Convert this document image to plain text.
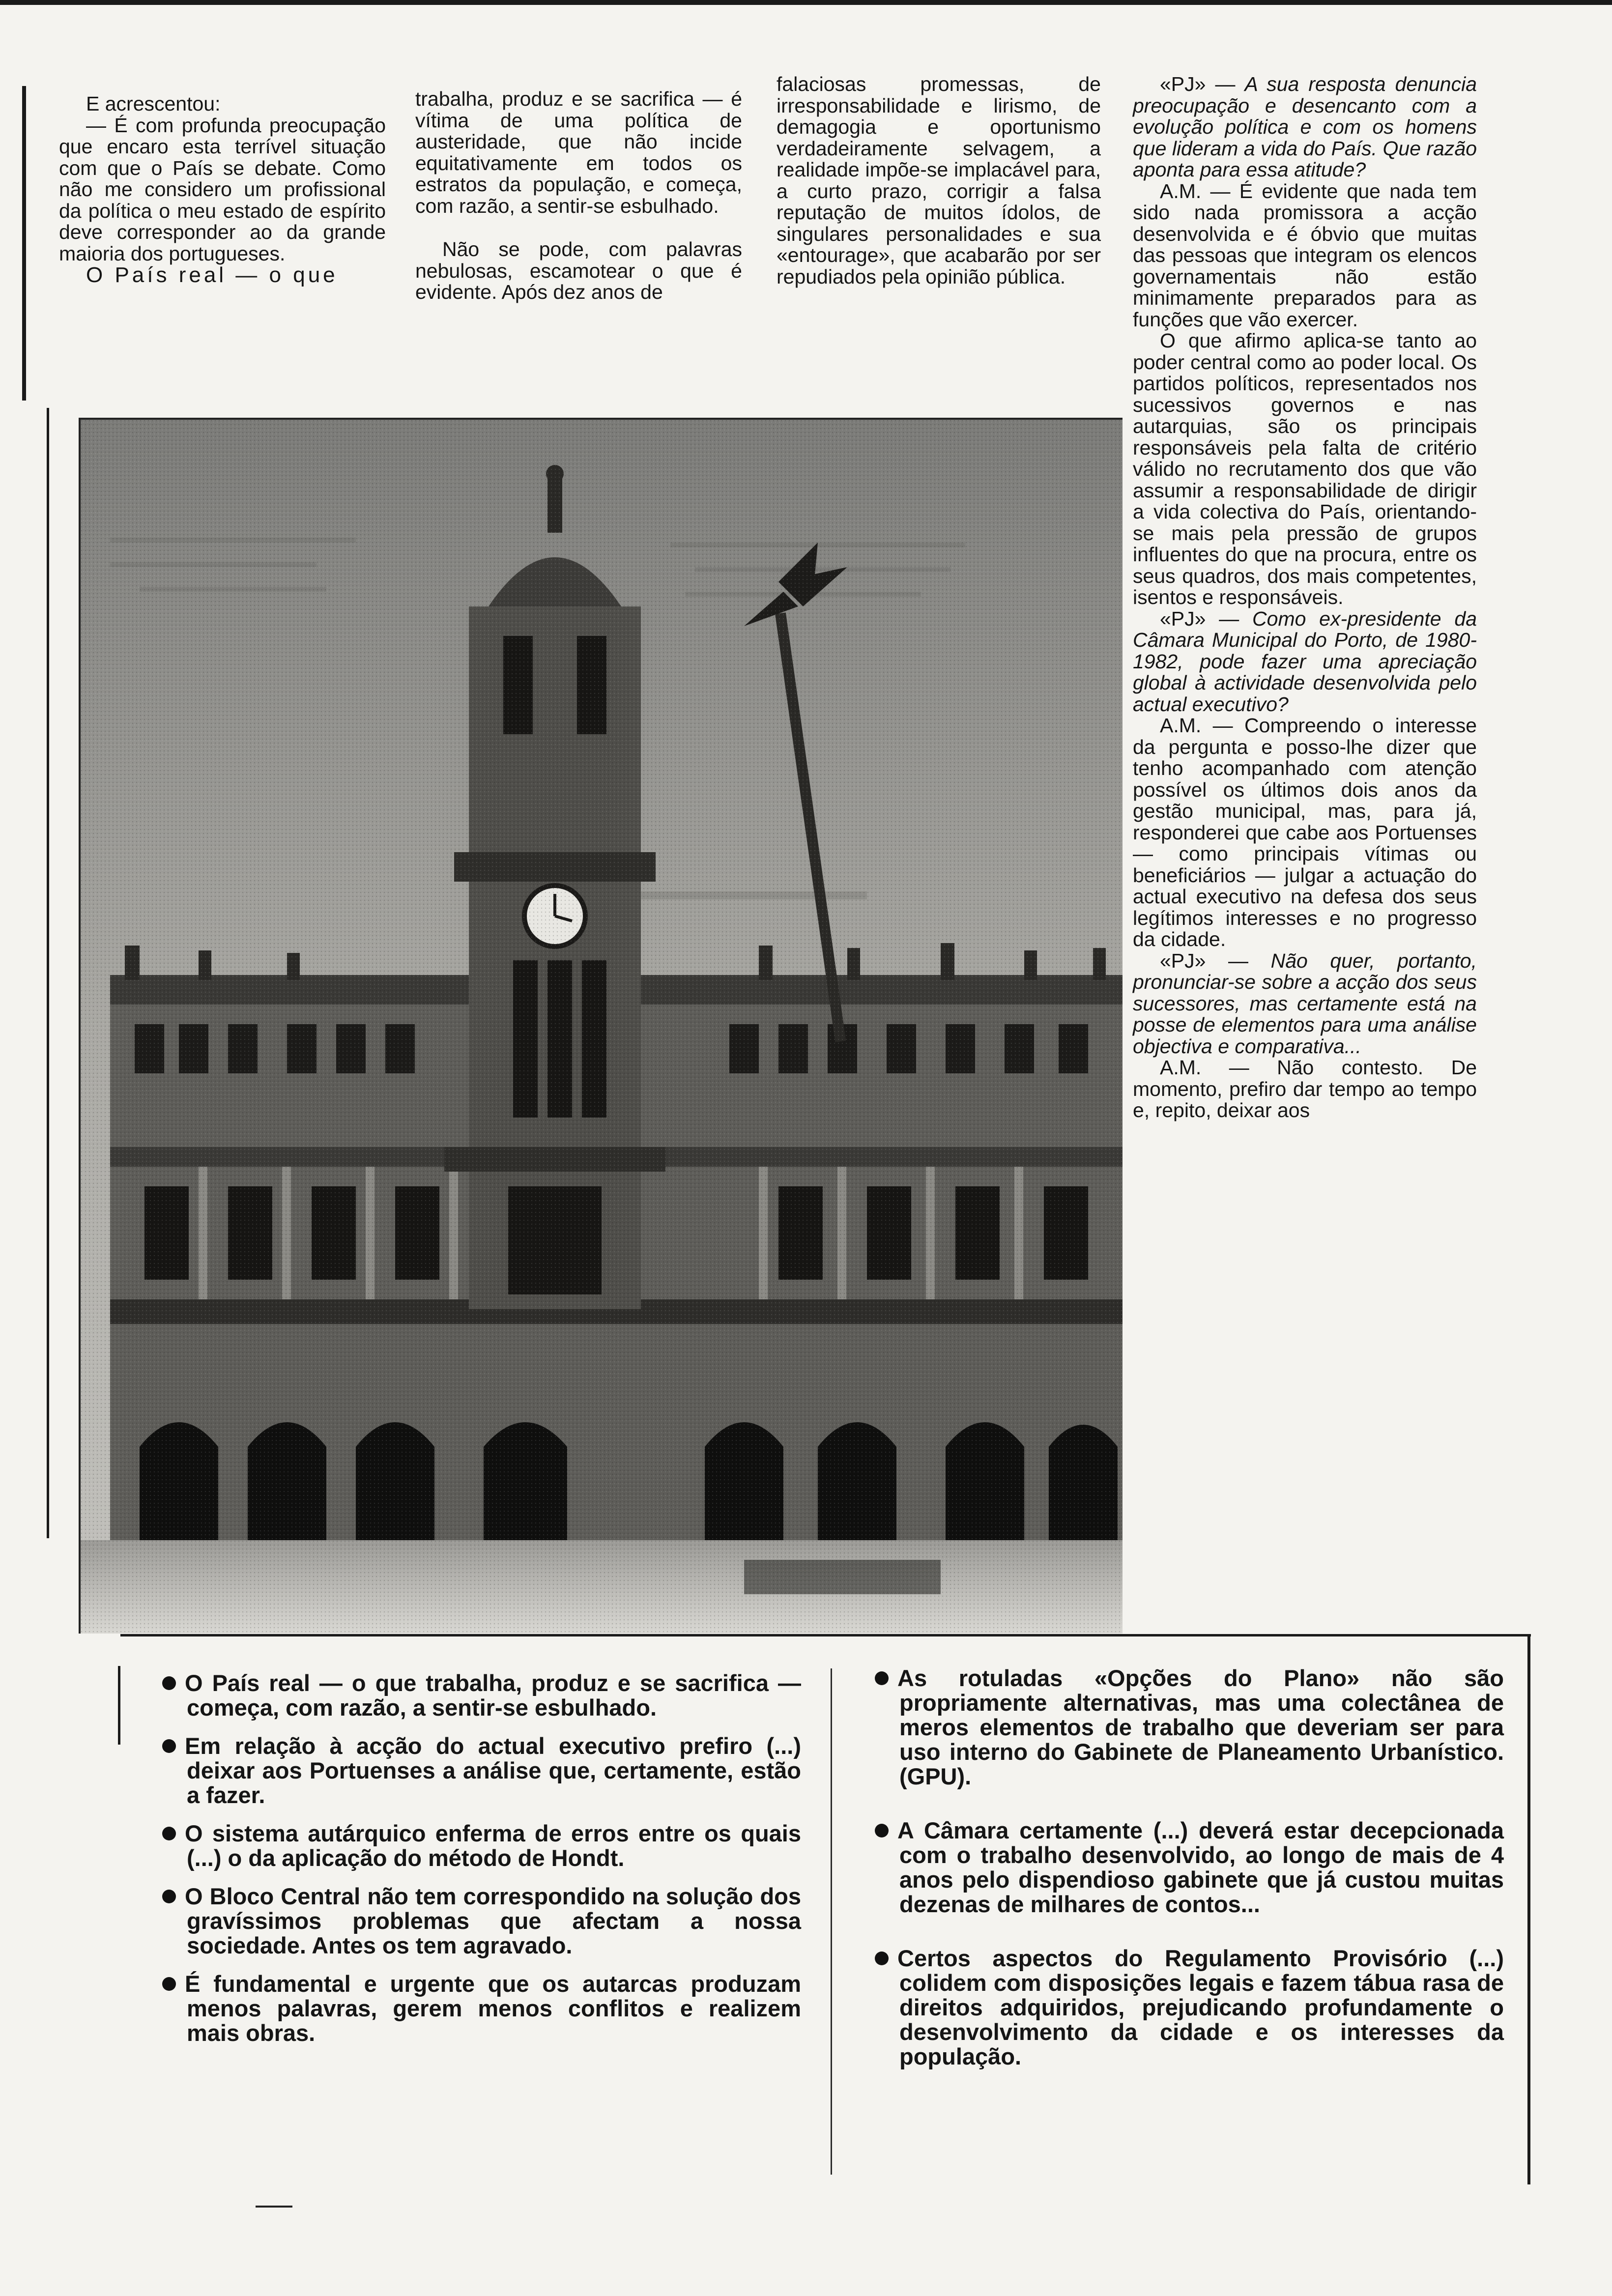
E acrescentou:

— É com profunda preocupação que encaro esta terrível situação com que o País se debate. Como não me considero um profissional da política o meu estado de espírito deve corresponder ao da grande maioria dos portugueses.

O País real — o que

trabalha, produz e se sacrifica — é vítima de uma política de austeridade, que não incide equitativamente em todos os estratos da população, e começa, com razão, a sentir-se esbulhado.

Não se pode, com palavras nebulosas, escamotear o que é evidente. Após dez anos de

falaciosas promessas, de irresponsabilidade e lirismo, de demagogia e oportunismo verdadeiramente selvagem, a realidade impõe-se implacável para, a curto prazo, corrigir a falsa reputação de muitos ídolos, de singulares personalidades e sua «entourage», que acabarão por ser repudiados pela opinião pública.

«PJ» — A sua resposta denuncia preocupação e desencanto com a evolução política e com os homens que lideram a vida do País. Que razão aponta para essa atitude?

A.M. — É evidente que nada tem sido nada promissora a acção desenvolvida e é óbvio que muitas das pessoas que integram os elencos governamentais não estão minimamente preparados para as funções que vão exercer.

O que afirmo aplica-se tanto ao poder central como ao poder local. Os partidos políticos, representados nos sucessivos governos e nas autarquias, são os principais responsáveis pela falta de critério válido no recrutamento dos que vão assumir a responsabilidade de dirigir a vida colectiva do País, orientando-se mais pela pressão de grupos influentes do que na procura, entre os seus quadros, dos mais competentes, isentos e responsáveis.

«PJ» — Como ex-presidente da Câmara Municipal do Porto, de 1980-1982, pode fazer uma apreciação global à actividade desenvolvida pelo actual executivo?

A.M. — Compreendo o interesse da pergunta e posso-lhe dizer que tenho acompanhado com atenção possível os últimos dois anos da gestão municipal, mas, para já, responderei que cabe aos Portuenses — como principais vítimas ou beneficiários — julgar a actuação do actual executivo na defesa dos seus legítimos interesses e no progresso da cidade.

«PJ» — Não quer, portanto, pronunciar-se sobre a acção dos seus sucessores, mas certamente está na posse de elementos para uma análise objectiva e comparativa...

A.M. — Não contesto. De momento, prefiro dar tempo ao tempo e, repito, deixar aos

O País real — o que trabalha, produz e se sacrifica — começa, com razão, a sentir-se esbulhado.
Em relação à acção do actual executivo prefiro (...) deixar aos Portuenses a análise que, certamente, estão a fazer.
O sistema autárquico enferma de erros entre os quais (...) o da aplicação do método de Hondt.
O Bloco Central não tem correspondido na solução dos gravíssimos problemas que afectam a nossa sociedade. Antes os tem agravado.
É fundamental e urgente que os autarcas produzam menos palavras, gerem menos conflitos e realizem mais obras.
As rotuladas «Opções do Plano» não são propriamente alternativas, mas uma colectânea de meros elementos de trabalho que deveriam ser para uso interno do Gabinete de Planeamento Urbanístico. (GPU).
A Câmara certamente (...) deverá estar decepcionada com o trabalho desenvolvido, ao longo de mais de 4 anos pelo dispendioso gabinete que já custou muitas dezenas de milhares de contos...
Certos aspectos do Regulamento Provisório (...) colidem com disposições legais e fazem tábua rasa de direitos adquiridos, prejudicando profundamente o desenvolvimento da cidade e os interesses da população.
